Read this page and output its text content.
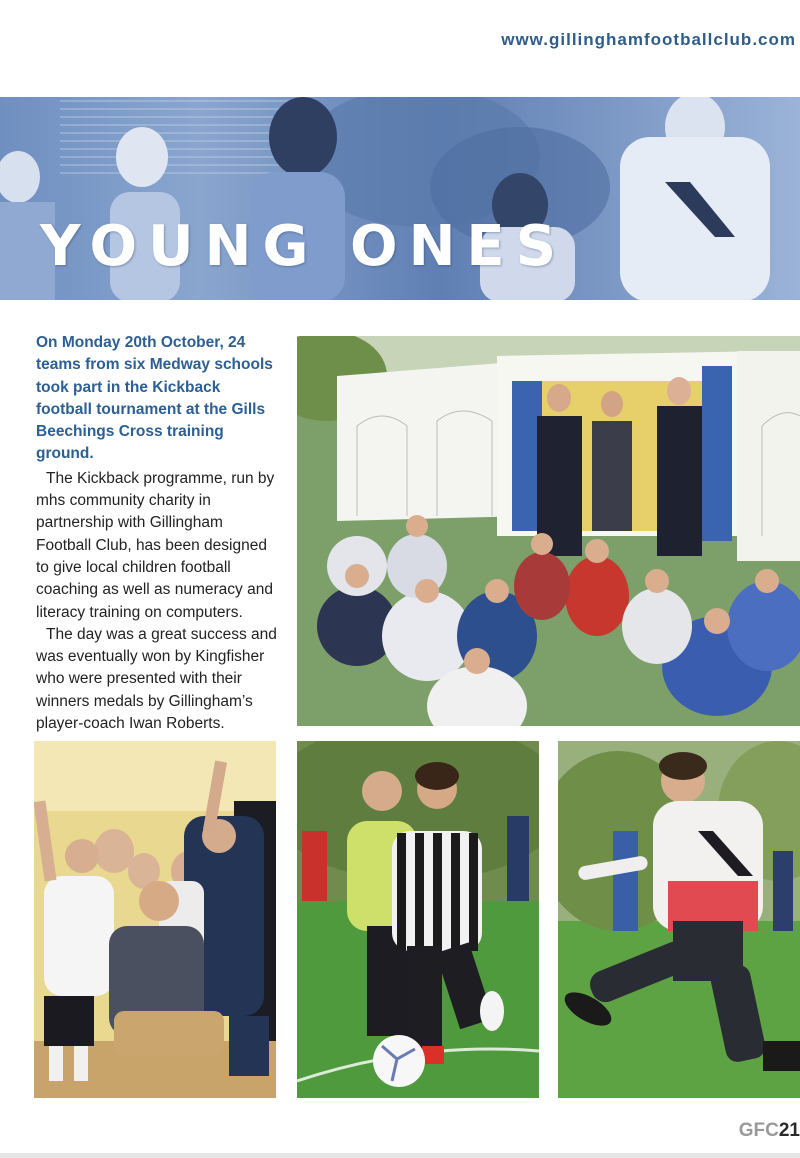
www.gillinghamfootballclub.com
YOUNG ONES

On Monday 20th October, 24 teams from six Medway schools took part in the Kickback football tournament at the Gills Beechings Cross training ground.

The Kickback programme, run by mhs community charity in partnership with Gillingham Football Club, has been designed to give local children football coaching as well as numeracy and literacy training on computers.

The day was a great success and was eventually won by Kingfisher who were presented with their winners medals by Gillingham’s player-coach Iwan Roberts.

GFC21
